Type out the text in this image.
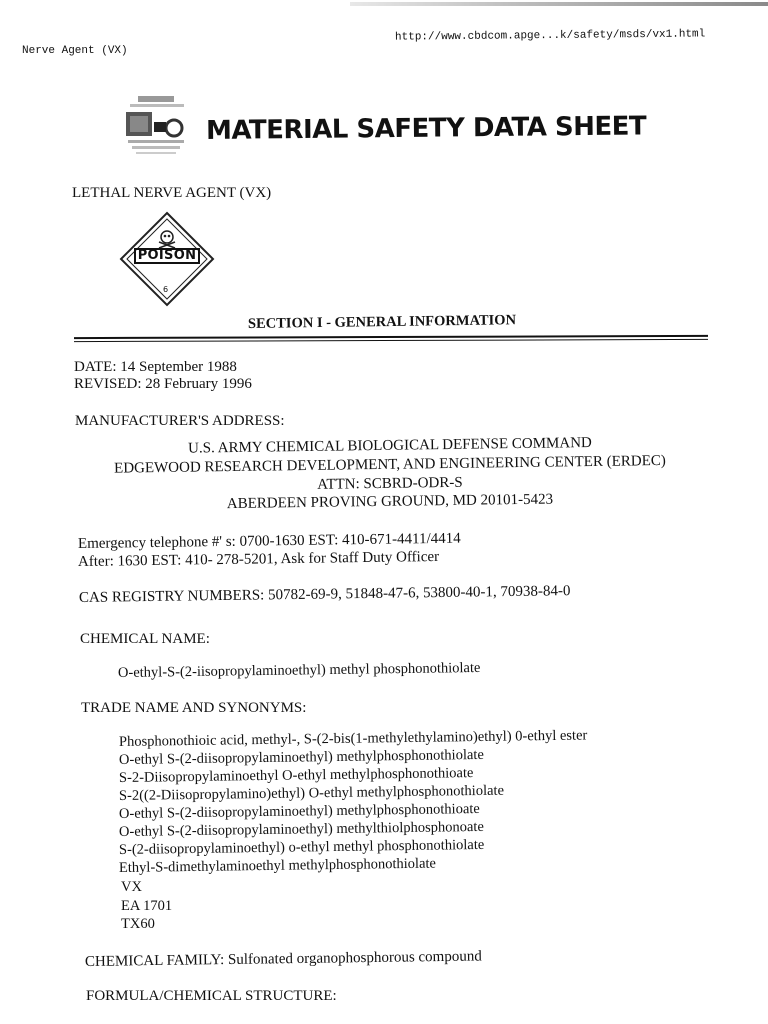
Nerve Agent (VX)
http://www.cbdcom.apge...k/safety/msds/vx1.html
MATERIAL SAFETY DATA SHEET
LETHAL NERVE AGENT (VX)
POISON
6
SECTION I - GENERAL INFORMATION
DATE: 14 September 1988
REVISED: 28 February 1996
MANUFACTURER'S ADDRESS:
U.S. ARMY CHEMICAL BIOLOGICAL DEFENSE COMMAND
EDGEWOOD RESEARCH DEVELOPMENT, AND ENGINEERING CENTER (ERDEC)
ATTN: SCBRD-ODR-S
ABERDEEN PROVING GROUND, MD 20101-5423
Emergency telephone #' s: 0700-1630 EST: 410-671-4411/4414
After: 1630 EST: 410- 278-5201, Ask for Staff Duty Officer
CAS REGISTRY NUMBERS: 50782-69-9, 51848-47-6, 53800-40-1, 70938-84-0
CHEMICAL NAME:
O-ethyl-S-(2-iisopropylaminoethyl) methyl phosphonothiolate
TRADE NAME AND SYNONYMS:
Phosphonothioic acid, methyl-, S-(2-bis(1-methylethylamino)ethyl) 0-ethyl ester
O-ethyl S-(2-diisopropylaminoethyl) methylphosphonothiolate
S-2-Diisopropylaminoethyl O-ethyl methylphosphonothioate
S-2((2-Diisopropylamino)ethyl) O-ethyl methylphosphonothiolate
O-ethyl S-(2-diisopropylaminoethyl) methylphosphonothioate
O-ethyl S-(2-diisopropylaminoethyl) methylthiolphosphonoate
S-(2-diisopropylaminoethyl) o-ethyl methyl phosphonothiolate
Ethyl-S-dimethylaminoethyl methylphosphonothiolate
VX
EA 1701
TX60
CHEMICAL FAMILY: Sulfonated organophosphorous compound
FORMULA/CHEMICAL STRUCTURE:
